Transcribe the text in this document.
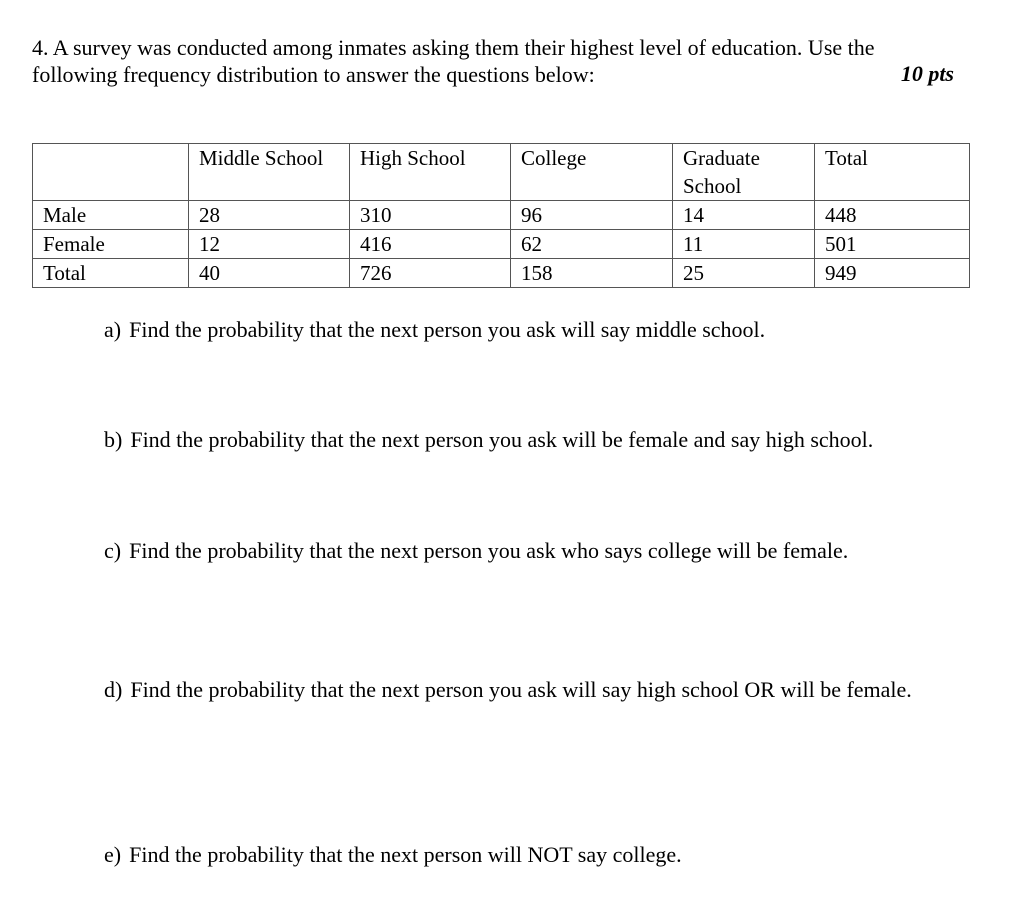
4. A survey was conducted among inmates asking them their highest level of education. Use the
following frequency distribution to answer the questions below:	10 pts
	Middle School	High School	College	Graduate School	Total
Male	28	310	96	14	448
Female	12	416	62	11	501
Total	40	726	158	25	949
a) Find the probability that the next person you ask will say middle school.
b) Find the probability that the next person you ask will be female and say high school.
c) Find the probability that the next person you ask who says college will be female.
d) Find the probability that the next person you ask will say high school OR will be female.
e) Find the probability that the next person will NOT say college.
